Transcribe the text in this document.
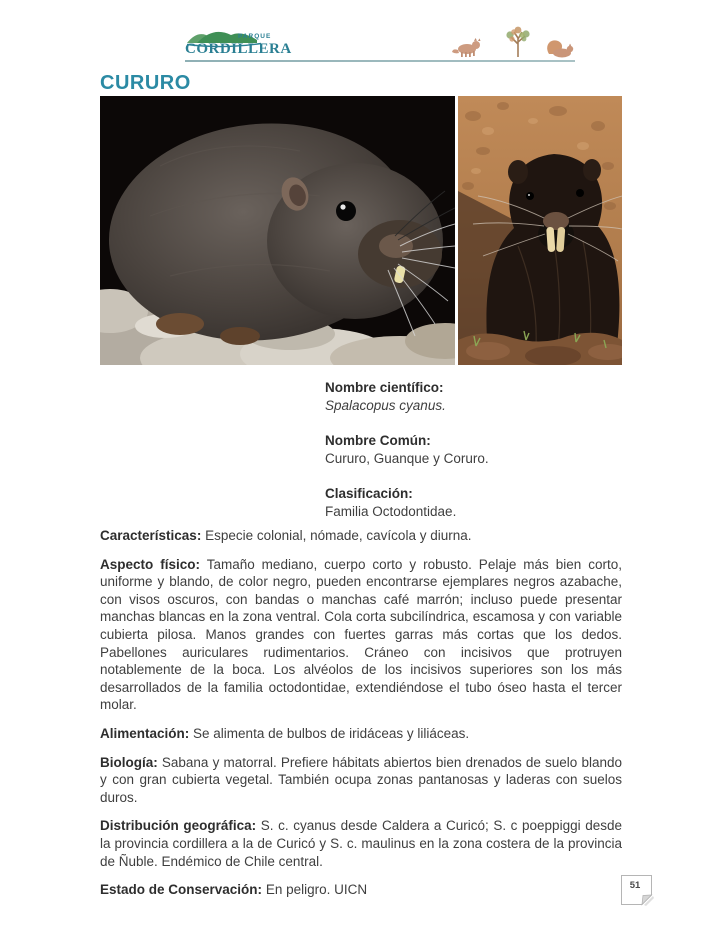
PARQUE
CORDILLERA
CURURO
Nombre científico:
Spalacopus cyanus.
Nombre Común:
Cururo, Guanque y Coruro.
Clasificación:
Familia Octodontidae.

Características: Especie colonial, nómade, cavícola y diurna.

Aspecto físico: Tamaño mediano, cuerpo corto y robusto. Pelaje más bien corto, uniforme y blando, de color negro, pueden encontrarse ejemplares negros azabache, con visos oscuros, con bandas o manchas café marrón; incluso puede presentar manchas blancas en la zona ventral. Cola corta subcilíndrica, escamosa y con variable cubierta pilosa. Manos grandes con fuertes garras más cortas que los dedos. Pabellones auriculares rudimentarios. Cráneo con incisivos que protruyen notablemente de la boca. Los alvéolos de los incisivos superiores son los más desarrollados de la familia octodontidae, extendiéndose el tubo óseo hasta el tercer molar.

Alimentación: Se alimenta de bulbos de iridáceas y liliáceas.

Biología: Sabana y matorral. Prefiere hábitats abiertos bien drenados de suelo blando y con gran cubierta vegetal. También ocupa zonas pantanosas y laderas con suelos duros.

Distribución geográfica: S. c. cyanus desde Caldera a Curicó; S. c poeppiggi desde la provincia cordillera a la de Curicó y S. c. maulinus en la zona costera de la provincia de Ñuble. Endémico de Chile central.

Estado de Conservación: En peligro. UICN	51
